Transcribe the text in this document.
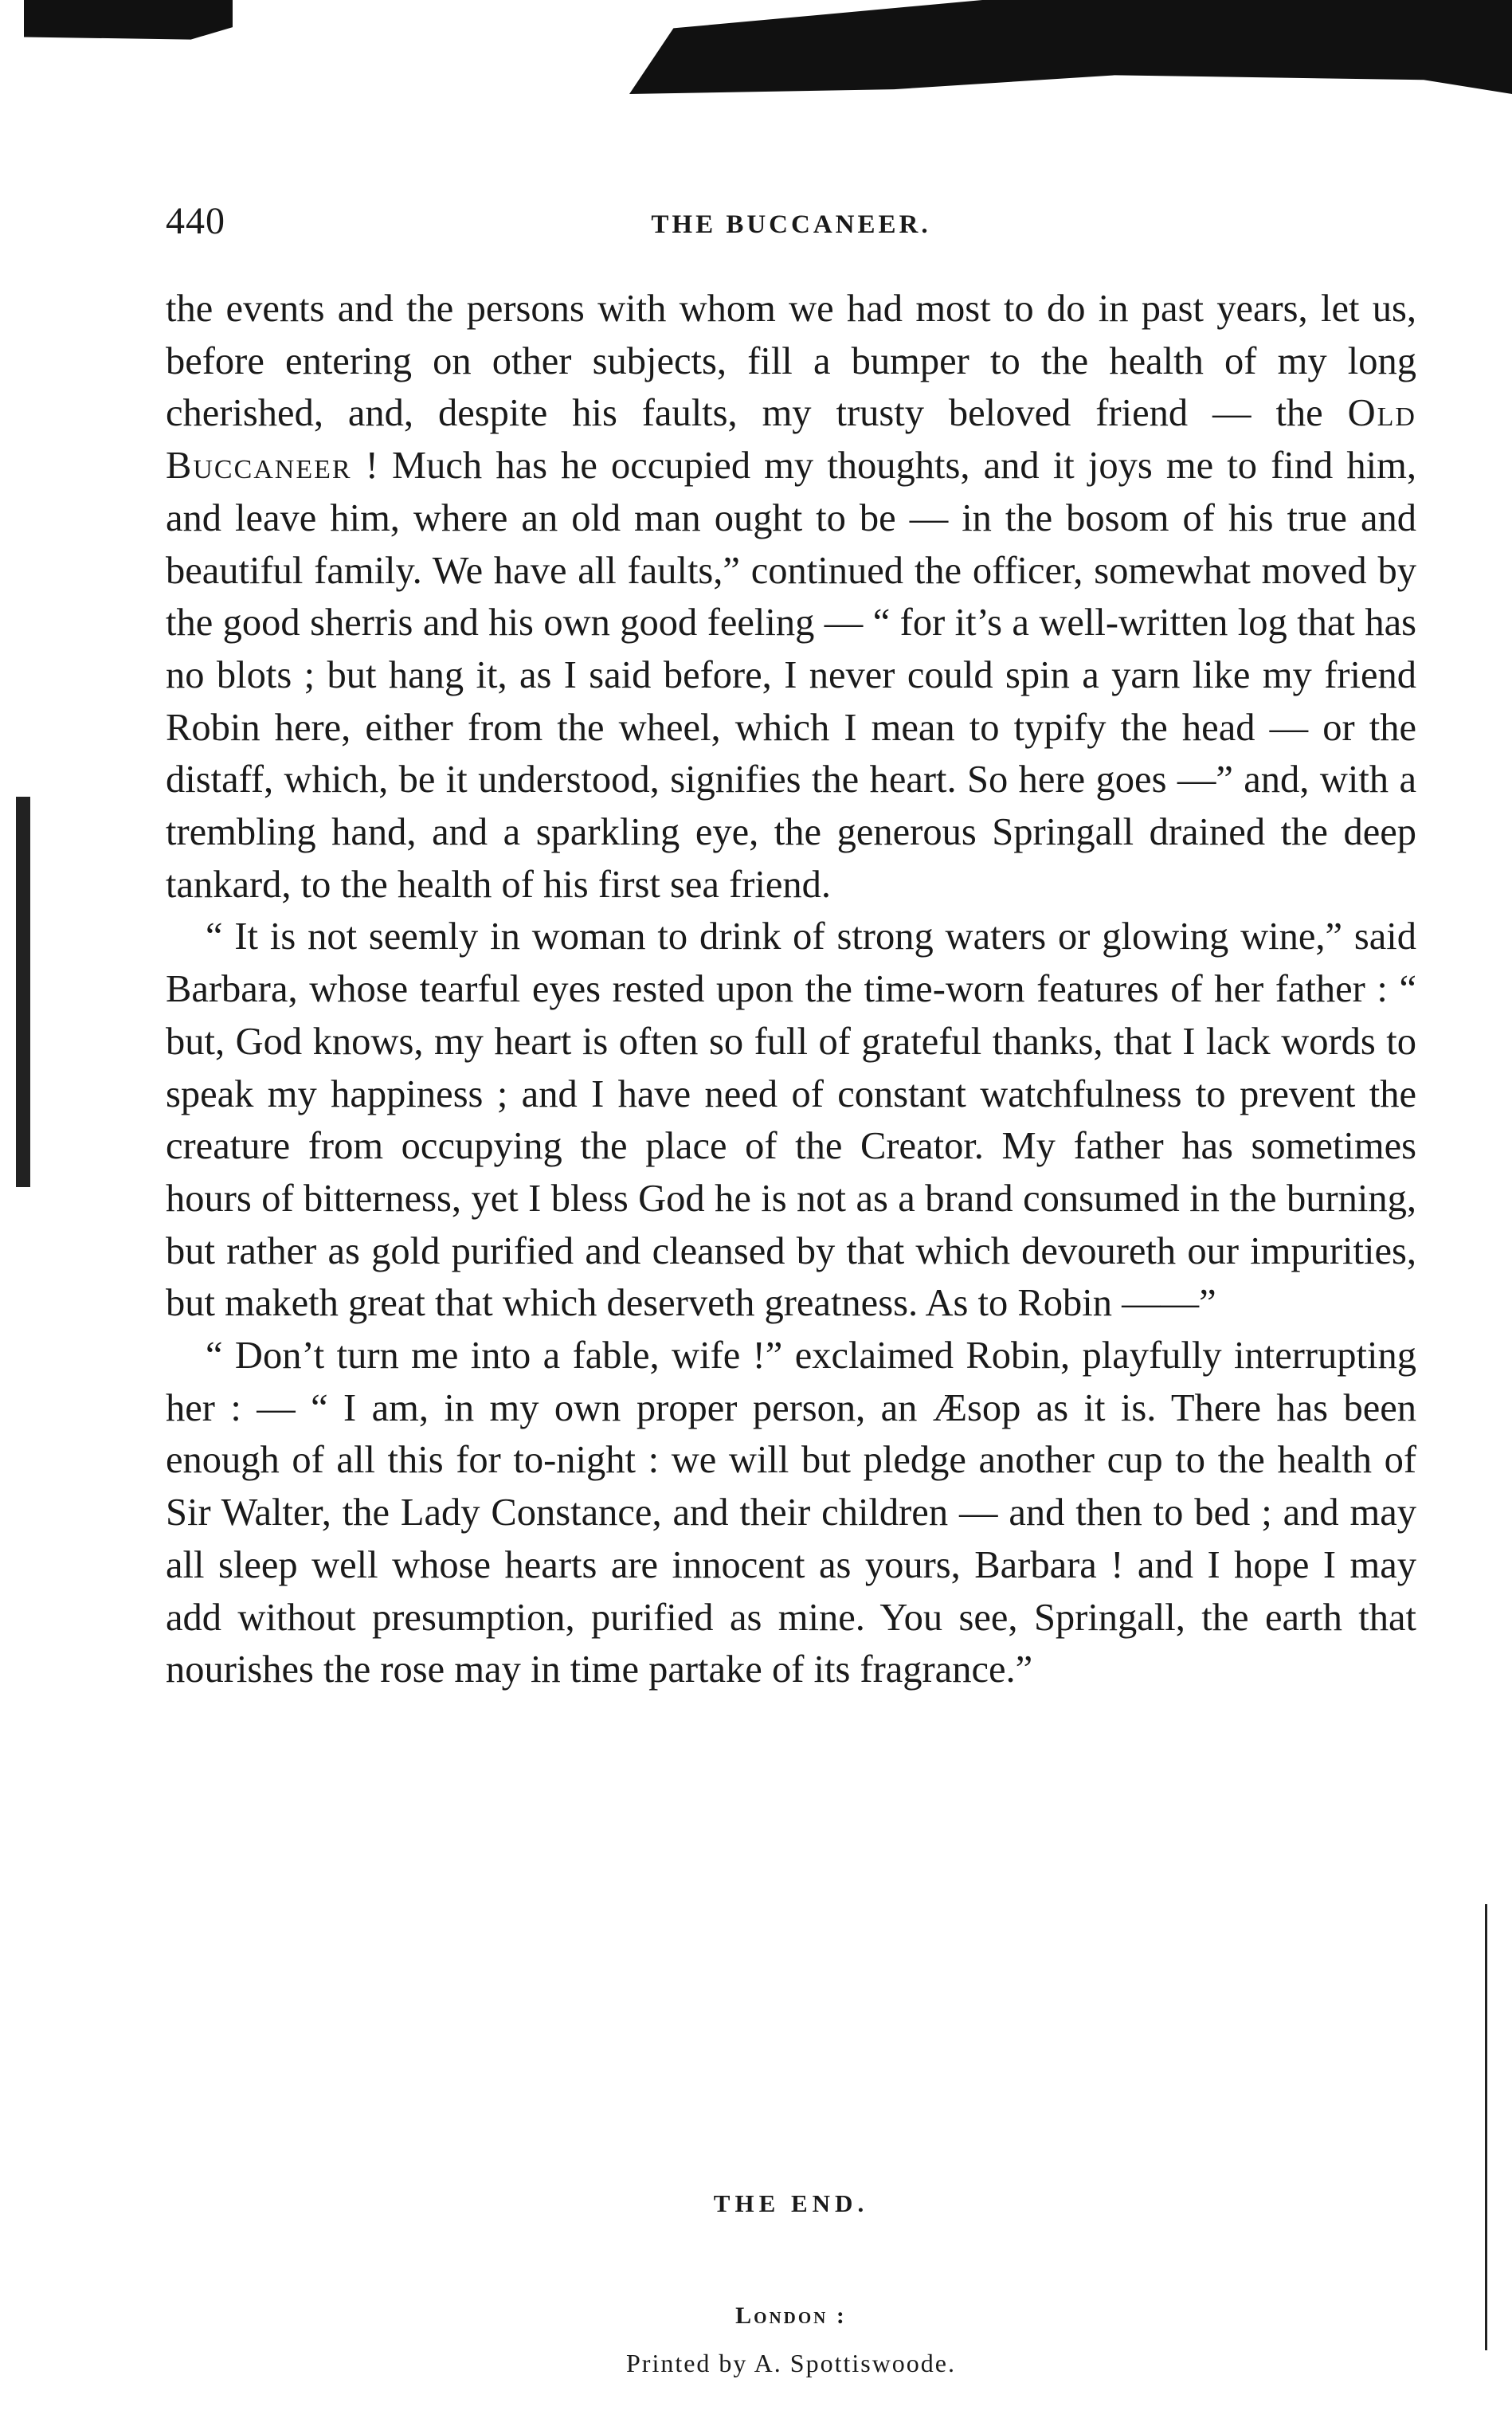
440	THE BUCCANEER.

the events and the persons with whom we had most to do in past years, let us, before entering on other subjects, fill a bumper to the health of my long cherished, and, despite his faults, my trusty beloved friend — the Old Buccaneer ! Much has he occupied my thoughts, and it joys me to find him, and leave him, where an old man ought to be — in the bosom of his true and beautiful family. We have all faults,” continued the officer, somewhat moved by the good sherris and his own good feeling — “ for it’s a well-written log that has no blots ; but hang it, as I said before, I never could spin a yarn like my friend Robin here, either from the wheel, which I mean to typify the head — or the distaff, which, be it understood, signifies the heart. So here goes —” and, with a trembling hand, and a sparkling eye, the generous Springall drained the deep tankard, to the health of his first sea friend.

“ It is not seemly in woman to drink of strong waters or glowing wine,” said Barbara, whose tearful eyes rested upon the time-worn features of her father : “ but, God knows, my heart is often so full of grateful thanks, that I lack words to speak my happiness ; and I have need of constant watchfulness to prevent the creature from occupying the place of the Creator. My father has sometimes hours of bitterness, yet I bless God he is not as a brand consumed in the burning, but rather as gold purified and cleansed by that which devoureth our impurities, but maketh great that which deserveth greatness. As to Robin ——”

“ Don’t turn me into a fable, wife !” exclaimed Robin, playfully interrupting her : — “ I am, in my own proper person, an Æsop as it is. There has been enough of all this for to-night : we will but pledge another cup to the health of Sir Walter, the Lady Constance, and their children — and then to bed ; and may all sleep well whose hearts are innocent as yours, Barbara ! and I hope I may add without presumption, purified as mine. You see, Springall, the earth that nourishes the rose may in time partake of its fragrance.”

THE END.
London :
Printed by A. Spottiswoode.
